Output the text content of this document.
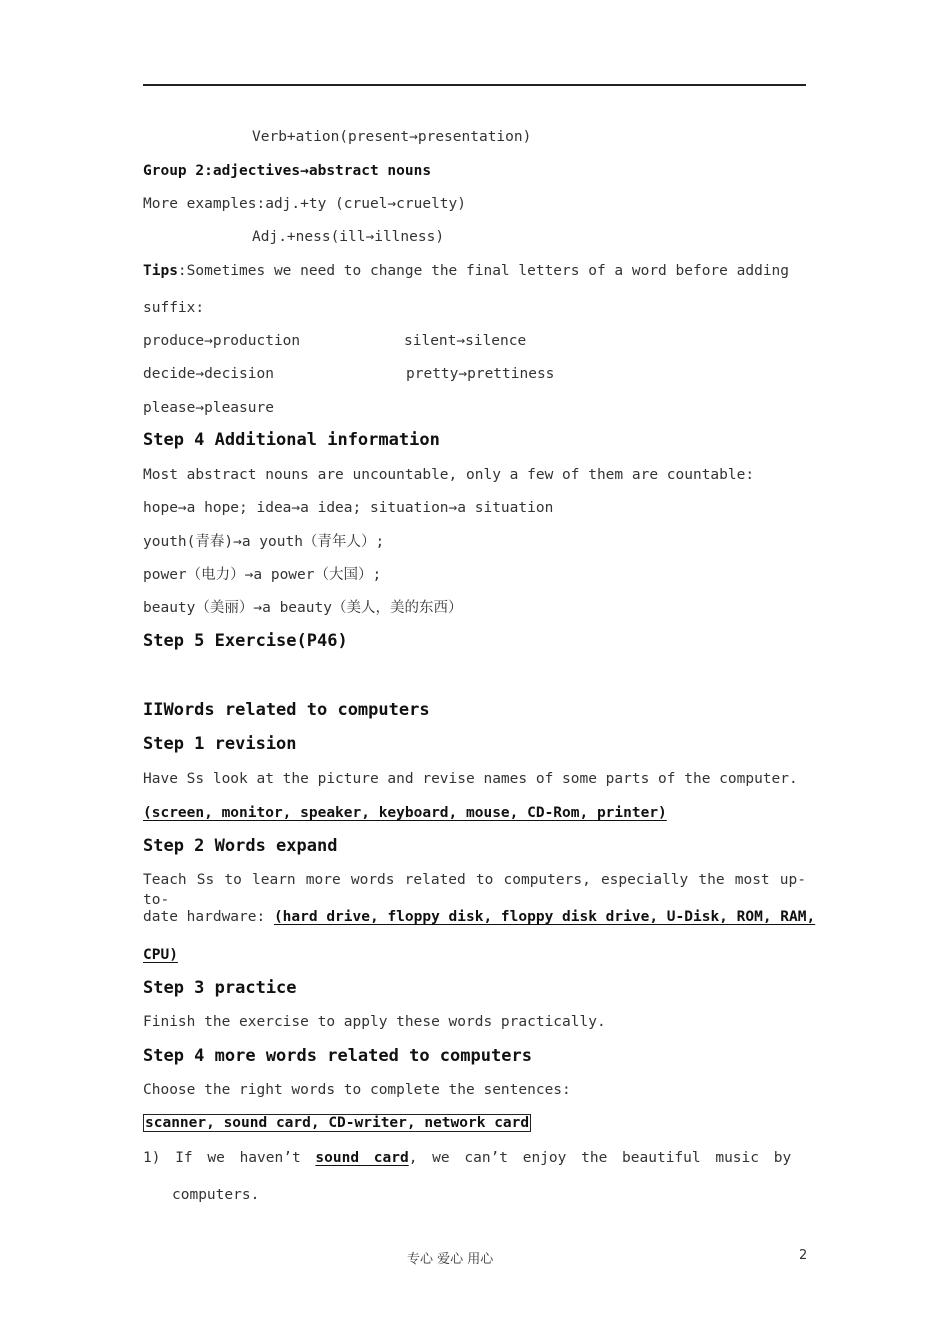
Verb+ation(present→presentation)
Group 2:adjectives→abstract nouns
More examples:adj.+ty (cruel→cruelty)
Adj.+ness(ill→illness)
Tips:Sometimes we need to change the final letters of a word before adding
suffix:
produce→production	silent→silence
decide→decision	pretty→prettiness
please→pleasure
Step 4 Additional information
Most abstract nouns are uncountable, only a few of them are countable:
hope→a hope; idea→a idea; situation→a situation
youth(青春)→a youth（青年人）;
power（电力）→a power（大国）;
beauty（美丽）→a beauty（美人，美的东西）
Step 5 Exercise(P46)
IIWords related to computers
Step 1 revision
Have Ss look at the picture and revise names of some parts of the computer.
(screen, monitor, speaker, keyboard, mouse, CD-Rom, printer)
Step 2 Words expand
Teach Ss to learn more words related to computers, especially the most up-to-
date hardware: (hard drive, floppy disk, floppy disk drive, U-Disk, ROM, RAM,
CPU)
Step 3 practice
Finish the exercise to apply these words practically.
Step 4 more words related to computers
Choose the right words to complete the sentences:
scanner, sound card, CD-writer, network card
1) If we haven’t sound card, we can’t enjoy the beautiful music by
computers.
专心 爱心 用心	2
